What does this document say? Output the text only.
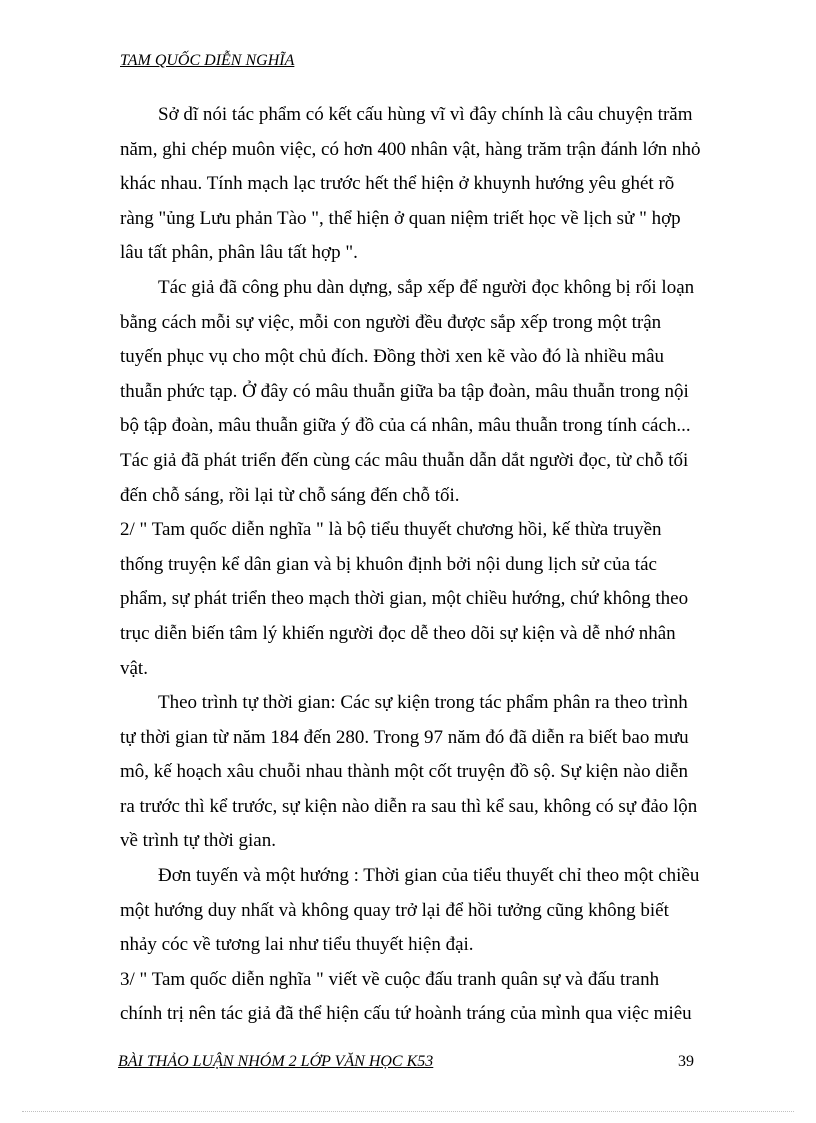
TAM QUỐC DIỄN NGHĨA
Sở dĩ nói tác phẩm có kết cấu hùng vĩ vì đây chính là câu chuyện trăm
năm, ghi chép muôn việc, có hơn 400 nhân vật, hàng trăm trận đánh lớn nhỏ
khác nhau. Tính mạch lạc trước hết thể hiện ở khuynh hướng yêu ghét rõ
ràng "ủng Lưu phản Tào ", thể hiện ở quan niệm triết học về lịch sử " hợp
lâu tất phân, phân lâu tất hợp ".
Tác giả đã công phu dàn dựng, sắp xếp để người đọc không bị rối loạn
bằng cách mỗi sự việc, mỗi con người đều được sắp xếp trong một trận
tuyến phục vụ cho một chủ đích. Đồng thời xen kẽ vào đó là nhiều mâu
thuẫn phức tạp. Ở đây có mâu thuẫn giữa ba tập đoàn, mâu thuẫn trong nội
bộ tập đoàn, mâu thuẫn giữa ý đồ của cá nhân, mâu thuẫn trong tính cách...
Tác giả đã phát triển đến cùng các mâu thuẫn dẫn dắt người đọc, từ chỗ tối
đến chỗ sáng, rồi lại từ chỗ sáng đến chỗ tối.
2/ " Tam quốc diễn nghĩa " là bộ tiểu thuyết chương hồi, kế thừa truyền
thống truyện kể dân gian và bị khuôn định bởi nội dung lịch sử của tác
phẩm, sự phát triển theo mạch thời gian, một chiều hướng, chứ không theo
trục diễn biến tâm lý khiến người đọc dễ theo dõi sự kiện và dễ nhớ nhân
vật.
Theo trình tự thời gian: Các sự kiện trong tác phẩm phân ra theo trình
tự thời gian từ năm 184 đến 280. Trong 97 năm đó đã diễn ra biết bao mưu
mô, kế hoạch xâu chuỗi nhau thành một cốt truyện đồ sộ. Sự kiện nào diễn
ra trước thì kể trước, sự kiện nào diễn ra sau thì kể sau, không có sự đảo lộn
về trình tự thời gian.
Đơn tuyến và một hướng : Thời gian của tiểu thuyết chỉ theo một chiều
một hướng duy nhất và không quay trở lại để hồi tưởng cũng không biết
nhảy cóc về tương lai như tiểu thuyết hiện đại.
3/ " Tam quốc diễn nghĩa " viết về cuộc đấu tranh quân sự và đấu tranh
chính trị nên tác giả đã thể hiện cấu tứ hoành tráng của mình qua việc miêu
BÀI THẢO LUẬN NHÓM 2 LỚP VĂN HỌC K53	39
